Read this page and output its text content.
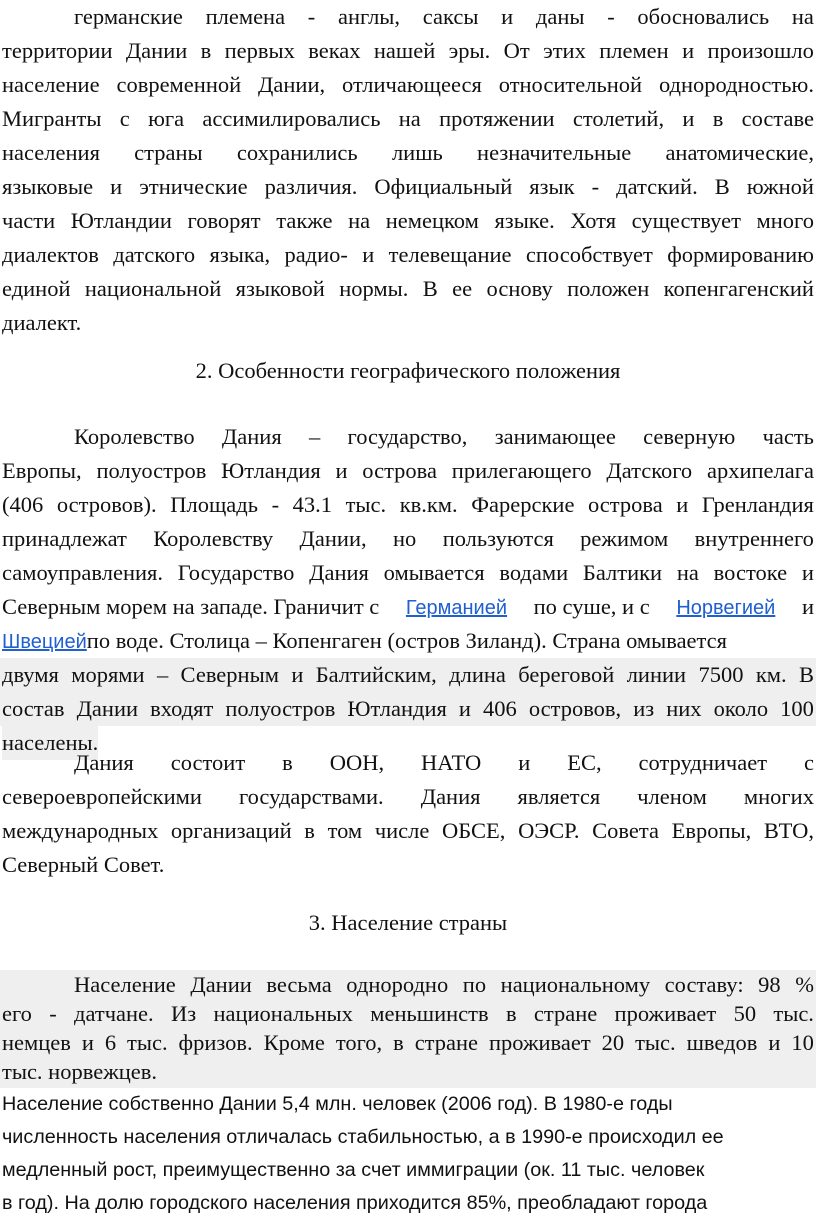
германские племена - англы, саксы и даны - обосновались на
территории Дании в первых веках нашей эры. От этих племен и произошло
население современной Дании, отличающееся относительной однородностью.
Мигранты с юга ассимилировались на протяжении столетий, и в составе
населения страны сохранились лишь незначительные анатомические,
языковые и этнические различия. Официальный язык - датский. В южной
части Ютландии говорят также на немецком языке. Хотя существует много
диалектов датского языка, радио- и телевещание способствует формированию
единой национальной языковой нормы. В ее основу положен копенгагенский
диалект.
2. Особенности географического положения
Королевство Дания – государство, занимающее северную часть
Европы, полуостров Ютландия и острова прилегающего Датского архипелага
(406 островов). Площадь - 43.1 тыс. кв.км. Фарерские острова и Гренландия
принадлежат Королевству Дании, но пользуются режимом внутреннего
самоуправления. Государство Дания омывается водами Балтики на востоке и
Северным морем на западе. Граничит с Германией по суше, и с Норвегией и
Швецией по воде. Столица – Копенгаген (остров Зиланд). Страна омывается
двумя морями – Северным и Балтийским, длина береговой линии 7500 км. В
состав Дании входят полуостров Ютландия и 406 островов, из них около 100
населены.
Дания состоит в ООН, НАТО и ЕС, сотрудничает с
североевропейскими государствами. Дания является членом многих
международных организаций в том числе ОБСЕ, ОЭСР. Совета Европы, ВТО,
Северный Совет.
3. Население страны
Население Дании весьма однородно по национальному составу: 98 %
его - датчане. Из национальных меньшинств в стране проживает 50 тыс.
немцев и 6 тыс. фризов. Кроме того, в стране проживает 20 тыс. шведов и 10
тыс. норвежцев.
Население собственно Дании 5,4 млн. человек (2006 год). В 1980-е годы
численность населения отличалась стабильностью, а в 1990-е происходил ее
медленный рост, преимущественно за счет иммиграции (ок. 11 тыс. человек
в год). На долю городского населения приходится 85%, преобладают города
